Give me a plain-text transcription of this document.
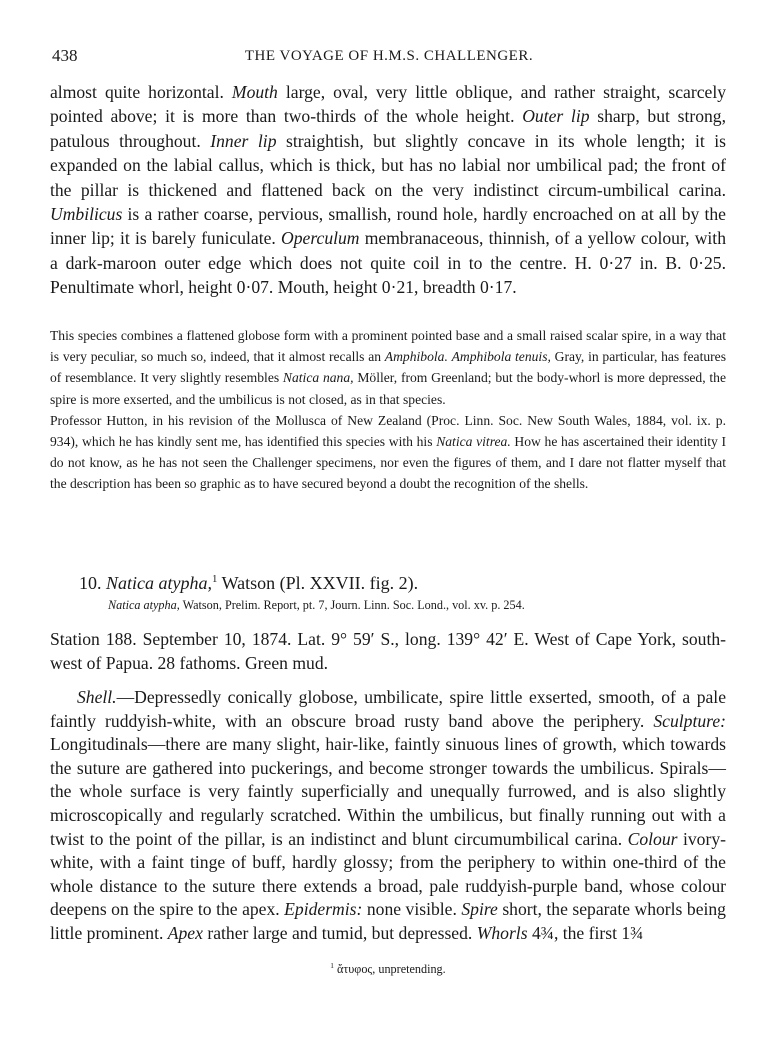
438	THE VOYAGE OF H.M.S. CHALLENGER.

almost quite horizontal. Mouth large, oval, very little oblique, and rather straight, scarcely pointed above; it is more than two-thirds of the whole height. Outer lip sharp, but strong, patulous throughout. Inner lip straightish, but slightly concave in its whole length; it is expanded on the labial callus, which is thick, but has no labial nor umbilical pad; the front of the pillar is thickened and flattened back on the very indistinct circum-umbilical carina. Umbilicus is a rather coarse, pervious, smallish, round hole, hardly encroached on at all by the inner lip; it is barely funiculate. Operculum membranaceous, thinnish, of a yellow colour, with a dark-maroon outer edge which does not quite coil in to the centre. H. 0·27 in. B. 0·25. Penultimate whorl, height 0·07. Mouth, height 0·21, breadth 0·17.

This species combines a flattened globose form with a prominent pointed base and a small raised scalar spire, in a way that is very peculiar, so much so, indeed, that it almost recalls an Amphibola. Amphibola tenuis, Gray, in particular, has features of resemblance. It very slightly resembles Natica nana, Möller, from Greenland; but the body-whorl is more depressed, the spire is more exserted, and the umbilicus is not closed, as in that species.

Professor Hutton, in his revision of the Mollusca of New Zealand (Proc. Linn. Soc. New South Wales, 1884, vol. ix. p. 934), which he has kindly sent me, has identified this species with his Natica vitrea. How he has ascertained their identity I do not know, as he has not seen the Challenger specimens, nor even the figures of them, and I dare not flatter myself that the description has been so graphic as to have secured beyond a doubt the recognition of the shells.

10. Natica atypha,$^1$ Watson (Pl. XXVII. fig. 2).
Natica atypha, Watson, Prelim. Report, pt. 7, Journ. Linn. Soc. Lond., vol. xv. p. 254.

Station 188. September 10, 1874. Lat. 9° 59′ S., long. 139° 42′ E. West of Cape York, south-west of Papua. 28 fathoms. Green mud.

Shell.—Depressedly conically globose, umbilicate, spire little exserted, smooth, of a pale faintly ruddyish-white, with an obscure broad rusty band above the periphery. Sculpture: Longitudinals—there are many slight, hair-like, faintly sinuous lines of growth, which towards the suture are gathered into puckerings, and become stronger towards the umbilicus. Spirals—the whole surface is very faintly superficially and unequally furrowed, and is also slightly microscopically and regularly scratched. Within the umbilicus, but finally running out with a twist to the point of the pillar, is an indistinct and blunt circumumbilical carina. Colour ivory-white, with a faint tinge of buff, hardly glossy; from the periphery to within one-third of the whole distance to the suture there extends a broad, pale ruddyish-purple band, whose colour deepens on the spire to the apex. Epidermis: none visible. Spire short, the separate whorls being little prominent. Apex rather large and tumid, but depressed. Whorls 4¾, the first 1¾

$^1$ ἄτυφος, unpretending.
